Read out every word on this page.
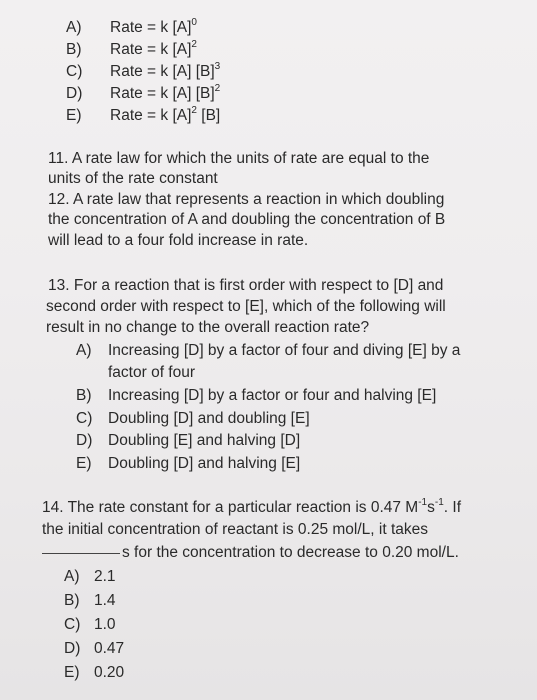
A) Rate = k $[A]^0$
B) Rate = k $[A]^2$
C) Rate = k [A] $[B]^3$
D) Rate = k [A] $[B]^2$
E) Rate = k $[A]^2$ [B]
11. A rate law for which the units of rate are equal to the
units of the rate constant
12. A rate law that represents a reaction in which doubling
the concentration of A and doubling the concentration of B
will lead to a four fold increase in rate.
13. For a reaction that is first order with respect to [D] and
second order with respect to [E], which of the following will
result in no change to the overall reaction rate?
A) Increasing [D] by a factor of four and diving [E] by a
factor of four
B) Increasing [D] by a factor or four and halving [E]
C) Doubling [D] and doubling [E]
D) Doubling [E] and halving [D]
E) Doubling [D] and halving [E]
14. The rate constant for a particular reaction is 0.47 $M^{-1}s^{-1}$. If
the initial concentration of reactant is 0.25 mol/L, it takes
s for the concentration to decrease to 0.20 mol/L.
A) 2.1
B) 1.4
C) 1.0
D) 0.47
E) 0.20
